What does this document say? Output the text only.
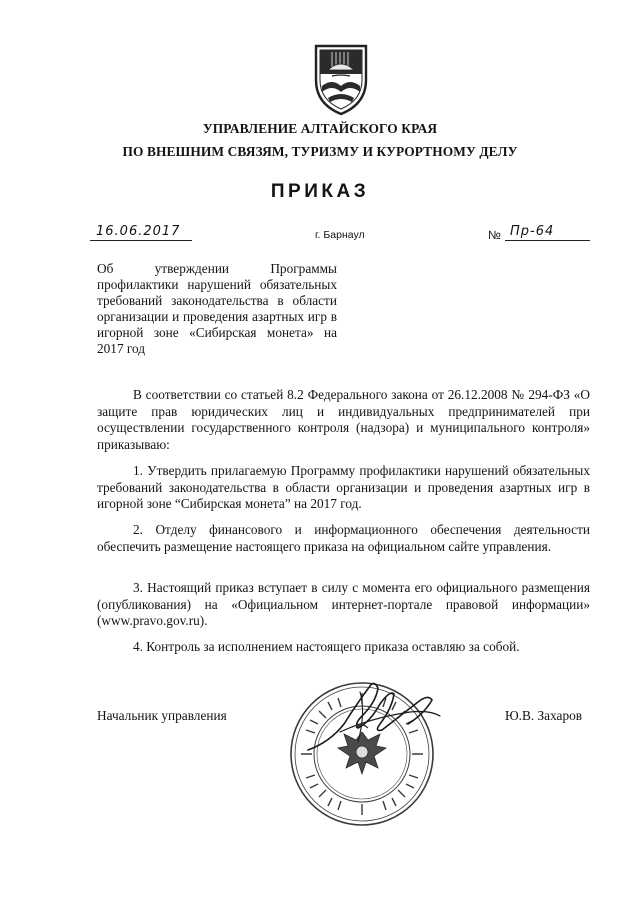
УПРАВЛЕНИЕ АЛТАЙСКОГО КРАЯ
ПО ВНЕШНИМ СВЯЗЯМ, ТУРИЗМУ И КУРОРТНОМУ ДЕЛУ
ПРИКАЗ
16.06.2017	г. Барнаул	№ Пр-64
Об утверждении Программы профилактики нарушений обязательных требований законодательства в области организации и проведения азартных игр в игорной зоне «Сибирская монета» на 2017 год
В соответствии со статьей 8.2 Федерального закона от 26.12.2008 № 294-ФЗ «О защите прав юридических лиц и индивидуальных предпринимателей при осуществлении государственного контроля (надзора) и муниципального контроля» приказываю:
1. Утвердить прилагаемую Программу профилактики нарушений обязательных требований законодательства в области организации и проведения азартных игр в игорной зоне “Сибирская монета” на 2017 год.
2. Отделу финансового и информационного обеспечения деятельности обеспечить размещение настоящего приказа на официальном сайте управления.
3. Настоящий приказ вступает в силу с момента его официального размещения (опубликования) на «Официальном интернет-портале правовой информации» (www.pravo.gov.ru).
4. Контроль за исполнением настоящего приказа оставляю за собой.
Начальник управления	Ю.В. Захаров
